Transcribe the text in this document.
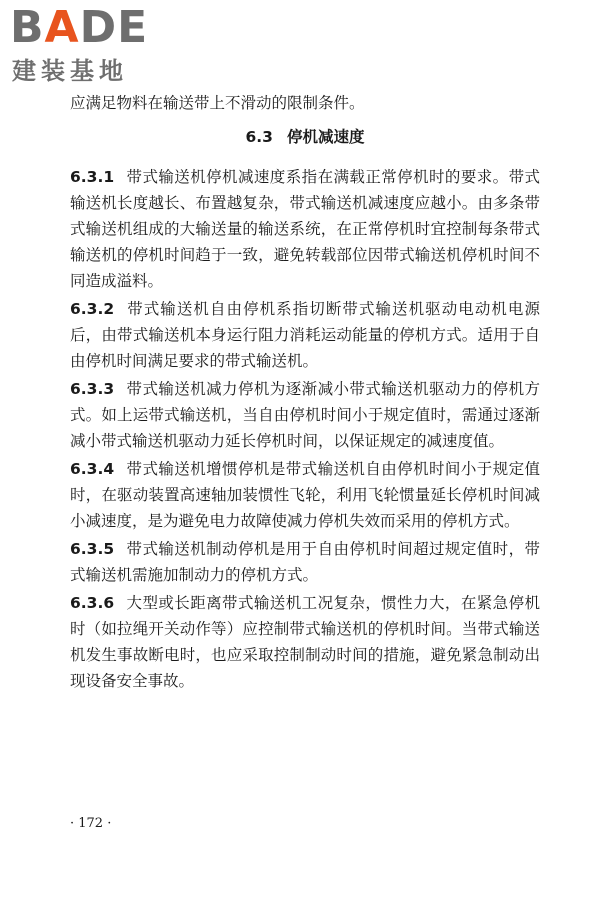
BADE
建装基地

应满足物料在输送带上不滑动的限制条件。

6.3 停机减速度

6.3.1 带式输送机停机减速度系指在满载正常停机时的要求。带式输送机长度越长、布置越复杂，带式输送机减速度应越小。由多条带式输送机组成的大输送量的输送系统，在正常停机时宜控制每条带式输送机的停机时间趋于一致，避免转载部位因带式输送机停机时间不同造成溢料。

6.3.2 带式输送机自由停机系指切断带式输送机驱动电动机电源后，由带式输送机本身运行阻力消耗运动能量的停机方式。适用于自由停机时间满足要求的带式输送机。

6.3.3 带式输送机减力停机为逐渐减小带式输送机驱动力的停机方式。如上运带式输送机，当自由停机时间小于规定值时，需通过逐渐减小带式输送机驱动力延长停机时间，以保证规定的减速度值。

6.3.4 带式输送机增惯停机是带式输送机自由停机时间小于规定值时，在驱动装置高速轴加装惯性飞轮，利用飞轮惯量延长停机时间减小减速度，是为避免电力故障使减力停机失效而采用的停机方式。

6.3.5 带式输送机制动停机是用于自由停机时间超过规定值时，带式输送机需施加制动力的停机方式。

6.3.6 大型或长距离带式输送机工况复杂，惯性力大，在紧急停机时（如拉绳开关动作等）应控制带式输送机的停机时间。当带式输送机发生事故断电时，也应采取控制制动时间的措施，避免紧急制动出现设备安全事故。

· 172 ·
